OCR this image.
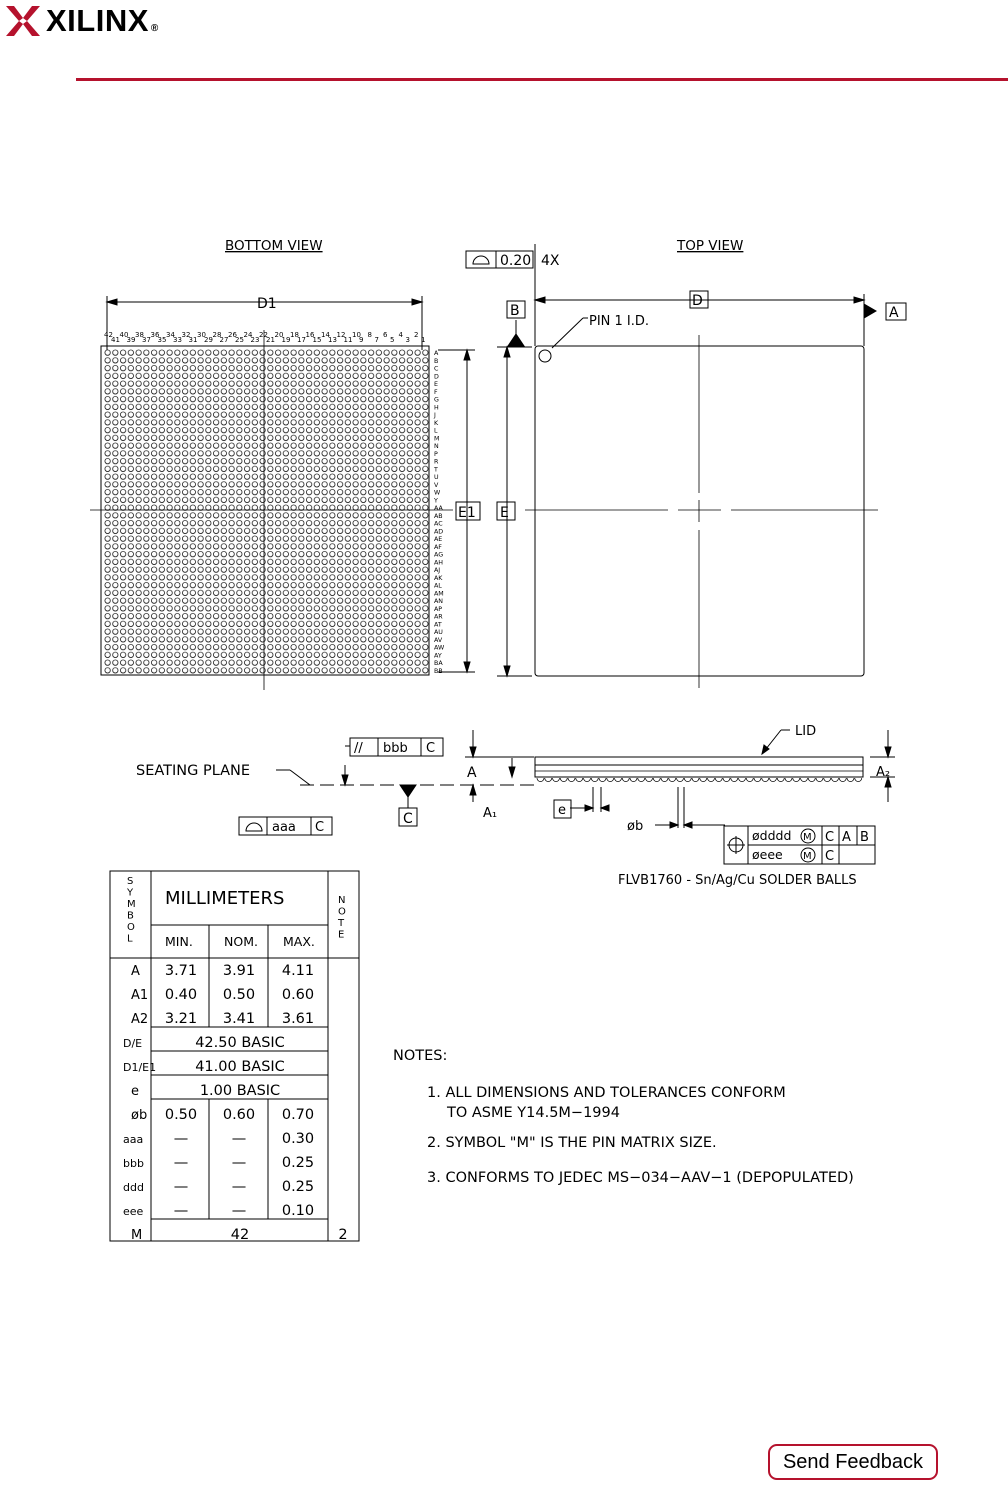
XILINX ®
BOTTOM VIEW	TOP VIEW
0.20 4X
D1	D
B	A
PIN 1 I.D.
E1 E
LID
SEATING PLANE
// bbb C
A
A₁
A₂
C
e
øb
aaa C
ødddd M C A B
øeee M C
FLVB1760 - Sn/Ag/Cu SOLDER BALLS
42 40 38 36 34 32 30 28 26 24 22 20 18 16 14 12 10 8 6 4 2
41 39 37 35 33 31 29 27 25 23 21 19 17 15 13 11 9 7 5 3 1
A
B
C
D
E
F
G
H
J
K
L
M
N
P
R
T
U
V
W
Y
AA
AB
AC
AD
AE
AF
AG
AH
AJ
AK
AL
AM
AN
AP
AR
AT
AU
AV
AW
AY
BA
BB
MILLIMETERS
MIN. NOM. MAX.
S
Y
M
B
O
L
N
O
T
E
A 3.71 3.91 4.11
A1 0.40 0.50 0.60
A2 3.21 3.41 3.61
D/E	42.50 BASIC
D1/E1	41.00 BASIC
e	1.00 BASIC
øb 0.50 0.60 0.70
aaa —	— 0.30
bbb —	— 0.25
ddd —	— 0.25
eee —	— 0.10
M	42	2
NOTES:
1. ALL DIMENSIONS AND TOLERANCES CONFORM
TO ASME Y14.5M−1994
2. SYMBOL "M" IS THE PIN MATRIX SIZE.
3. CONFORMS TO JEDEC MS−034−AAV−1 (DEPOPULATED)
Send Feedback
